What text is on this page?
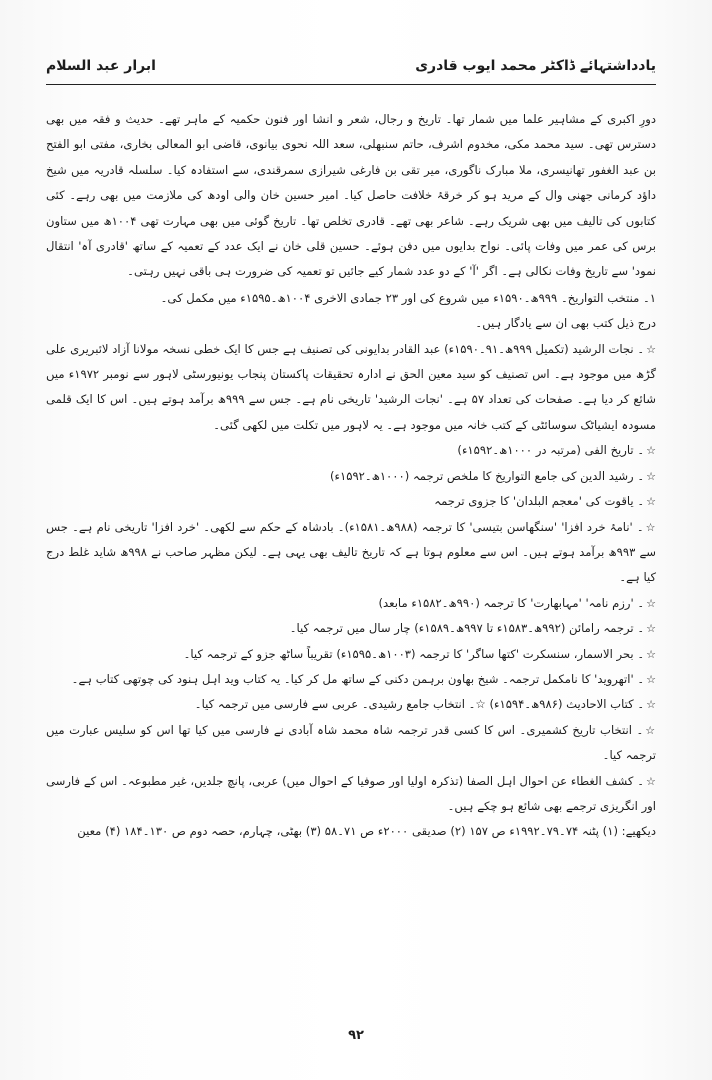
یادداشتہائے ڈاکٹر محمد ایوب قادری
ابرار عبد السلام

دورِ اکبری کے مشاہیر علما میں شمار تھا۔ تاریخ و رجال، شعر و انشا اور فنون حکمیہ کے ماہر تھے۔ حدیث و فقہ میں بھی دسترس تھی۔ سید محمد مکی، مخدوم اشرف، حاتم سنبھلی، سعد اللہ نحوی بیانوی، قاضی ابو المعالی بخاری، مفتی ابو الفتح بن عبد الغفور تھانیسری، ملا مبارک ناگوری، میر تقی بن فارغی شیرازی سمرقندی، سے استفادہ کیا۔ سلسلہ قادریہ میں شیخ داؤد کرمانی جھنی وال کے مرید ہو کر خرقۂ خلافت حاصل کیا۔ امیر حسین خان والی اودھ کی ملازمت میں بھی رہے۔ کئی کتابوں کی تالیف میں بھی شریک رہے۔ شاعر بھی تھے۔ قادری تخلص تھا۔ تاریخ گوئی میں بھی مہارت تھی ۱۰۰۴ھ میں ستاون برس کی عمر میں وفات پائی۔ نواح بدایوں میں دفن ہوئے۔ حسین قلی خان نے ایک عدد کے تعمیہ کے ساتھ 'قادری آہ' انتقال نمود' سے تاریخ وفات نکالی ہے۔ اگر 'آ' کے دو عدد شمار کیے جائیں تو تعمیہ کی ضرورت ہی باقی نہیں رہتی۔

۱۔ منتخب التواریخ۔ ۹۹۹ھ۔۱۵۹۰ء میں شروع کی اور ۲۳ جمادی الاخری ۱۰۰۴ھ۔۱۵۹۵ء میں مکمل کی۔

درج ذیل کتب بھی ان سے یادگار ہیں۔

☆۔ نجات الرشید (تکمیل ۹۹۹ھ۔۹۱۔۱۵۹۰ء) عبد القادر بدایونی کی تصنیف ہے جس کا ایک خطی نسخہ مولانا آزاد لائبریری علی گڑھ میں موجود ہے۔ اس تصنیف کو سید معین الحق نے ادارہ تحقیقات پاکستان پنجاب یونیورسٹی لاہور سے نومبر ۱۹۷۲ء میں شائع کر دیا ہے۔ صفحات کی تعداد ۵۷ ہے۔ 'نجات الرشید' تاریخی نام ہے۔ جس سے ۹۹۹ھ برآمد ہوتے ہیں۔ اس کا ایک قلمی مسودہ ایشیاٹک سوسائٹی کے کتب خانہ میں موجود ہے۔ یہ لاہور میں تکلت میں لکھی گئی۔

☆۔ تاریخ الفی (مرتبہ در ۱۰۰۰ھ۔۱۵۹۲ء)

☆۔ رشید الدین کی جامع التواریخ کا ملخص ترجمہ (۱۰۰۰ھ۔۱۵۹۲ء)

☆۔ یاقوت کی 'معجم البلدان' کا جزوی ترجمہ

☆۔ 'نامۂ خرد افزا' 'سنگھاسن بتیسی' کا ترجمہ (۹۸۸ھ۔۱۵۸۱ء)۔ بادشاہ کے حکم سے لکھی۔ 'خرد افزا' تاریخی نام ہے۔ جس سے ۹۹۳ھ برآمد ہوتے ہیں۔ اس سے معلوم ہوتا ہے کہ تاریخ تالیف بھی یہی ہے۔ لیکن مظہر صاحب نے ۹۹۸ھ شاید غلط درج کیا ہے۔

☆۔ 'رزم نامہ' 'مہابھارت' کا ترجمہ (۹۹۰ھ۔۱۵۸۲ء مابعد)

☆۔ ترجمہ رامائن (۹۹۲ھ۔۱۵۸۳ء تا ۹۹۷ھ۔۱۵۸۹ء) چار سال میں ترجمہ کیا۔

☆۔ بحر الاسمار، سنسکرت 'کتھا ساگر' کا ترجمہ (۱۰۰۳ھ۔۱۵۹۵ء) تقریباً ساٹھ جزو کے ترجمہ کیا۔

☆۔ 'اتھروید' کا نامکمل ترجمہ۔ شیخ بھاون برہمن دکنی کے ساتھ مل کر کیا۔ یہ کتاب وید اہل ہنود کی چوتھی کتاب ہے۔

☆۔ کتاب الاحادیث (۹۸۶ھ۔۱۵۹۴ء) ☆۔ انتخاب جامع رشیدی۔ عربی سے فارسی میں ترجمہ کیا۔

☆۔ انتخاب تاریخ کشمیری۔ اس کا کسی قدر ترجمہ شاہ محمد شاہ آبادی نے فارسی میں کیا تھا اس کو سلیس عبارت میں ترجمہ کیا۔

☆۔ کشف الغطاء عن احوال اہل الصفا (تذکرہ اولیا اور صوفیا کے احوال میں) عربی، پانچ جلدیں، غیر مطبوعہ۔ اس کے فارسی اور انگریزی ترجمے بھی شائع ہو چکے ہیں۔

دیکھیے: (۱) پٹنہ ۷۴۔۷۹۔۱۹۹۲ء ص ۱۵۷ (۲) صدیقی ۲۰۰۰ء ص ۷۱۔۵۸ (۳) بھٹی، چہارم، حصہ دوم ص ۱۳۰۔۱۸۴ (۴) معین

۹۲
